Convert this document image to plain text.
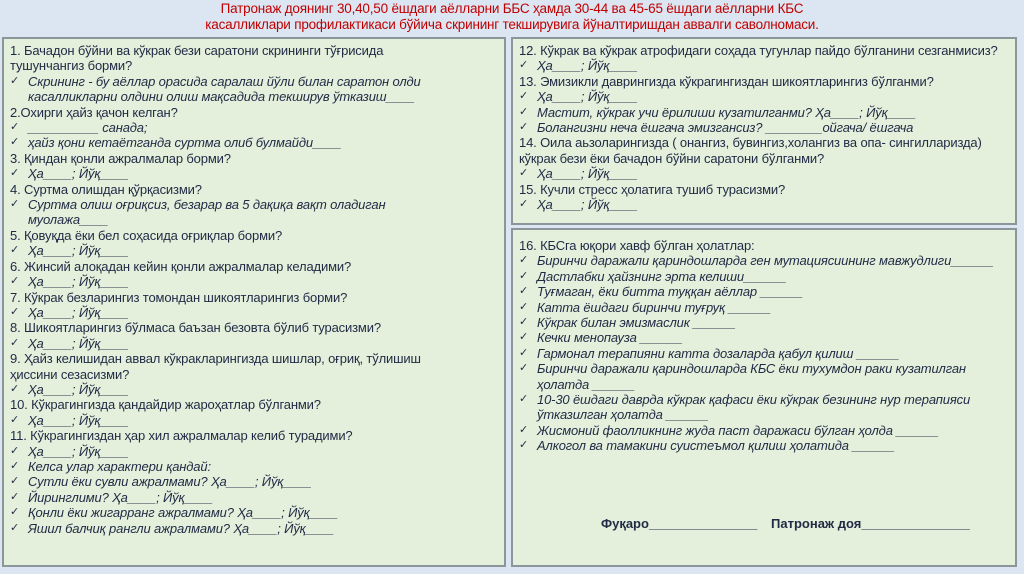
Патронаж доянинг 30,40,50 ёшдаги аёлларни ББС ҳамда 30-44 ва 45-65 ёшдаги аёлларни КБС
касалликлари профилактикаси бўйича скрининг текширувига йўналтиришдан аввалги саволномаси.
1. Бачадон бўйни ва кўкрак бези саратони скрининги тўғрисида
тушунчангиз борми?
✓ Скрининг - бу аёллар орасида саралаш йўли билан саратон олди
касалликларни олдини олиш мақсадида текширув ўтказиш____
2.Охирги ҳайз қачон келган?
✓ __________ санада;
✓ ҳайз қони кетаётганда суртма олиб булмайди____
3. Қиндан қонли ажралмалар борми?
✓ Ҳа____; Йўқ____
4. Суртма олишдан қўрқасизми?
✓ Суртма олиш оғриқсиз, безарар ва 5 дақиқа вақт оладиган
муолажа____
5. Қовуқда ёки бел соҳасида оғриқлар борми?
✓ Ҳа____; Йўқ____
6. Жинсий алоқадан кейин қонли ажралмалар келадими?
✓ Ҳа____; Йўқ____
7. Кўкрак безларингиз томондан шикоятларингиз борми?
✓ Ҳа____; Йўқ____
8. Шикоятларингиз бўлмаса баъзан безовта бўлиб турасизми?
✓ Ҳа____; Йўқ____
9. Ҳайз келишидан аввал кўкракларингизда шишлар, оғриқ, тўлишиш
ҳиссини сезасизми?
✓ Ҳа____; Йўқ____
10. Кўкрагингизда қандайдир жароҳатлар бўлганми?
✓ Ҳа____; Йўқ____
11. Кўкрагингиздан ҳар хил ажралмалар келиб турадими?
✓ Ҳа____; Йўқ____
✓ Келса улар характери қандай:
✓ Сутли ёки сувли ажралмами? Ҳа____; Йўқ____
✓ Йиринглими? Ҳа____; Йўқ____
✓ Қонли ёки жигарранг ажралмами? Ҳа____; Йўқ____
✓ Яшил балчиқ рангли ажралмами? Ҳа____; Йўқ____
12. Кўкрак ва кўкрак атрофидаги соҳада тугунлар пайдо бўлганини сезганмисиз?
✓ Ҳа____; Йўқ____
13. Эмизикли даврингизда кўкрагингиздан шикоятларингиз бўлганми?
✓ Ҳа____; Йўқ____
✓ Мастит, кўкрак учи ёрилиши кузатилганми? Ҳа____; Йўқ____
✓ Болангизни неча ёшгача эмизгансиз? ________ойгача/ ёшгача
14. Оила аьзоларингизда ( онангиз, бувингиз,холангиз ва опа- сингилларизда)
кўкрак бези ёки бачадон бўйни саратони бўлганми?
✓ Ҳа____; Йўқ____
15. Кучли стресс ҳолатига тушиб турасизми?
✓ Ҳа____; Йўқ____
16. КБСга юқори хавф бўлган ҳолатлар:
✓ Биринчи даражали қариндошларда ген мутациясиининг мавжудлиги______
✓ Дастлабки ҳайзнинг эрта келиши______
✓ Туғмаган, ёки битта туққан аёллар ______
✓ Катта ёшдаги биринчи туғруқ ______
✓ Кўкрак билан эмизмаслик ______
✓ Кечки менопауза ______
✓ Гармонал терапияни катта дозаларда қабул қилиш ______
✓ Биринчи даражали қариндошларда КБС ёки тухумдон раки кузатилган
ҳолатда ______
✓ 10-30 ёшдаги даврда кўкрак қафаси ёки кўкрак безининг нур терапияси
ўтказилган ҳолатда ______
✓ Жисмоний фаолликнинг жуда паст даражаси бўлган ҳолда ______
✓ Алкогол ва тамакини суистеъмол қилиш ҳолатида ______
Фуқаро_______________ Патронаж доя_______________
